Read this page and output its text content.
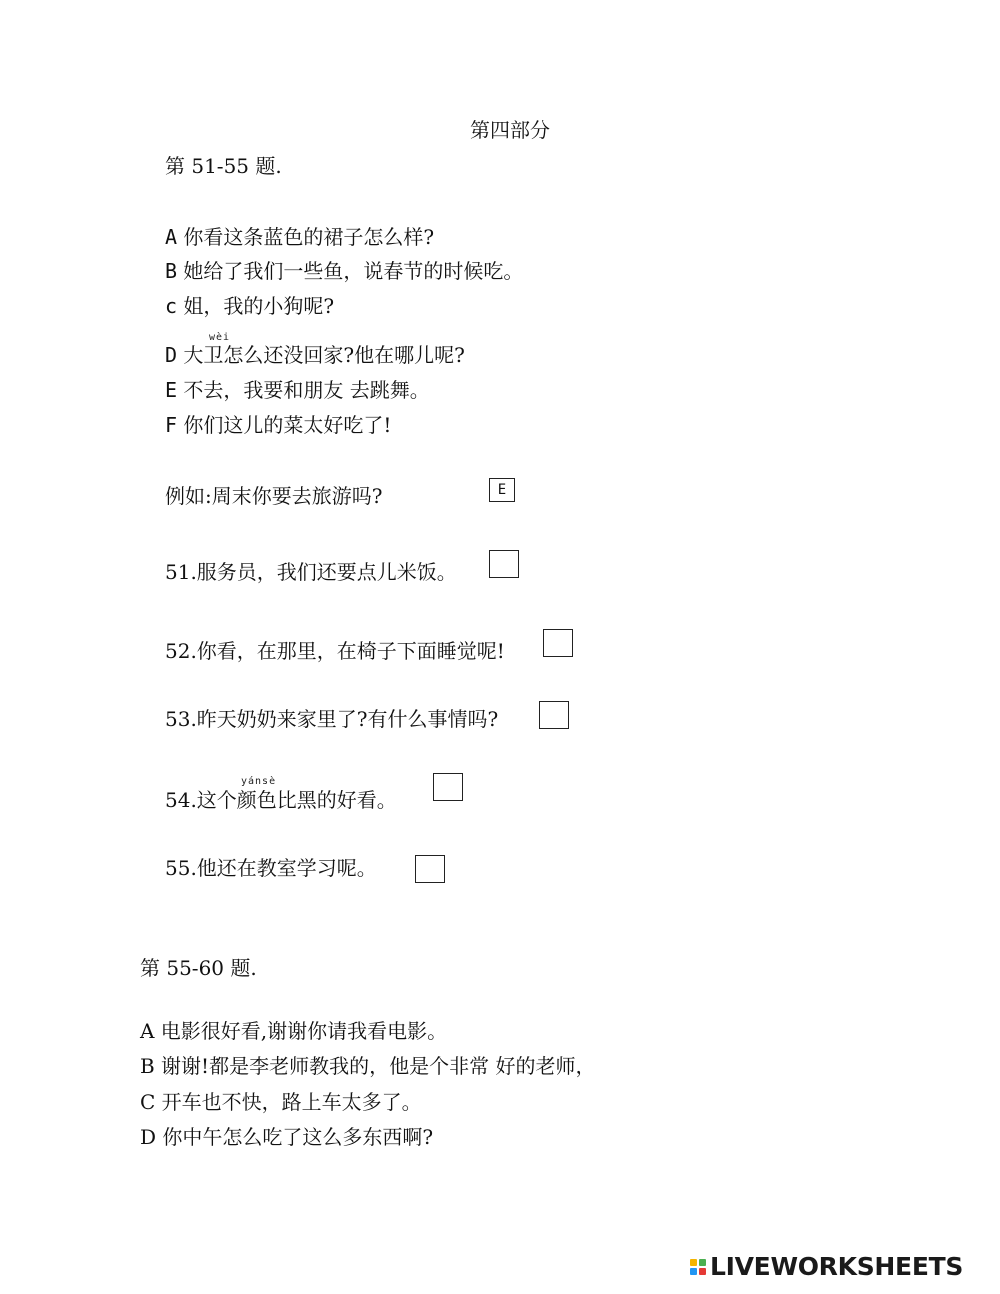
第四部分
第 51-55 题.
A 你看这条蓝色的裙子怎么样?
B 她给了我们一些鱼，说春节的时候吃。
c 姐，我的小狗呢?
wèi
D 大卫怎么还没回家?他在哪儿呢?
E 不去，我要和朋友 去跳舞。
F 你们这儿的菜太好吃了!
例如:周末你要去旅游吗?	E
51.服务员，我们还要点儿米饭。
52.你看，在那里，在椅子下面睡觉呢!
53.昨天奶奶来家里了?有什么事情吗?
yánsè
54.这个颜色比黑的好看。
55.他还在教室学习呢。
第 55-60 题.
A 电影很好看,谢谢你请我看电影。
B 谢谢!都是李老师教我的，他是个非常 好的老师，
C 开车也不快，路上车太多了。
D 你中午怎么吃了这么多东西啊?
LIVEWORKSHEETS
